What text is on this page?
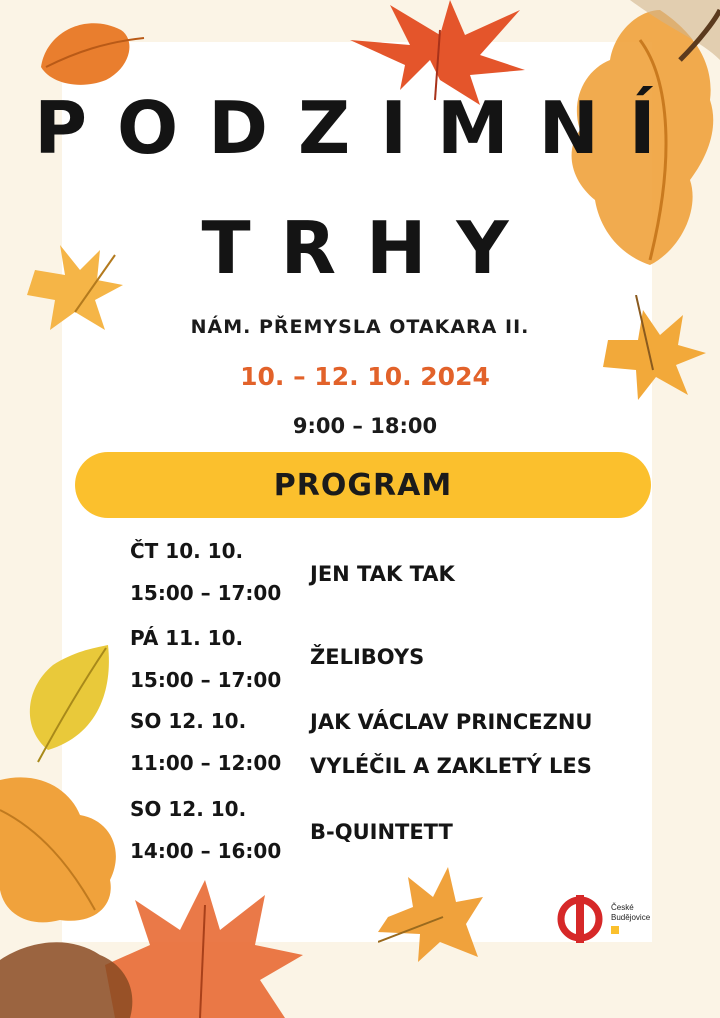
PODZIMNÍ
TRHY
NÁM. PŘEMYSLA OTAKARA II.
10. – 12. 10. 2024
9:00 – 18:00
PROGRAM
ČT 10. 10.
15:00 – 17:00
JEN TAK TAK
PÁ 11. 10.
15:00 – 17:00
ŽELIBOYS
SO 12. 10.
11:00 – 12:00
JAK VÁCLAV PRINCEZNU
VYLÉČIL A ZAKLETÝ LES
SO 12. 10.
14:00 – 16:00
B-QUINTETT
České
Budějovice
